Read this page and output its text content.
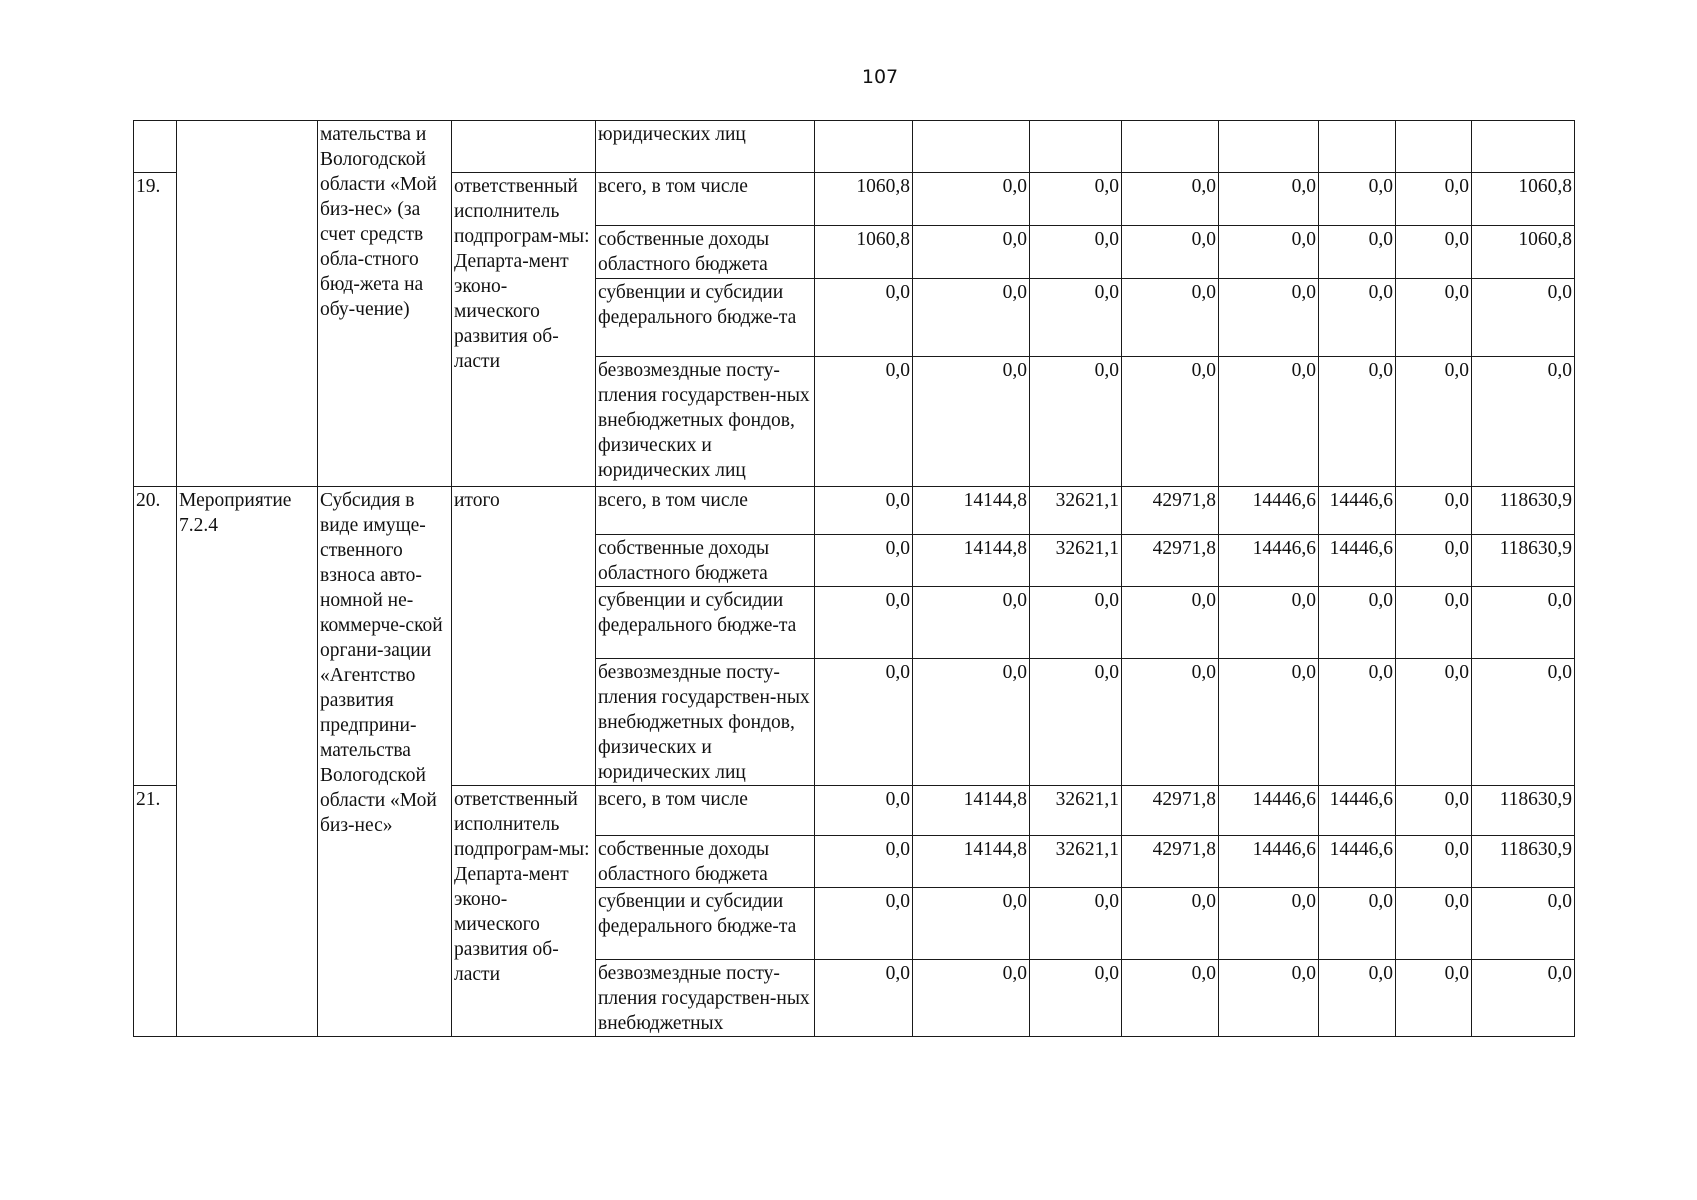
107
		мательства и Вологодской области «Мой биз-нес» (за счет средств обла-стного бюд-жета на обу-чение)		юридических лиц								
19.			ответственный исполнитель подпрограм-мы: Департа-мент эконо-мического развития об-ласти	всего, в том числе	1060,8	0,0	0,0	0,0	0,0	0,0	0,0	1060,8
				собственные доходы областного бюджета	1060,8	0,0	0,0	0,0	0,0	0,0	0,0	1060,8
				субвенции и субсидии федерального бюдже-та	0,0	0,0	0,0	0,0	0,0	0,0	0,0	0,0
				безвозмездные посту-пления государствен-ных внебюджетных фондов, физических и юридических лиц	0,0	0,0	0,0	0,0	0,0	0,0	0,0	0,0
20.	Мероприятие 7.2.4	Субсидия в виде имуще-ственного взноса авто-номной не-коммерче-ской органи-зации «Агентство развития предприни-мательства Вологодской области «Мой биз-нес»	итого	всего, в том числе	0,0	14144,8	32621,1	42971,8	14446,6	14446,6	0,0	118630,9
				собственные доходы областного бюджета	0,0	14144,8	32621,1	42971,8	14446,6	14446,6	0,0	118630,9
				субвенции и субсидии федерального бюдже-та	0,0	0,0	0,0	0,0	0,0	0,0	0,0	0,0
				безвозмездные посту-пления государствен-ных внебюджетных фондов, физических и юридических лиц	0,0	0,0	0,0	0,0	0,0	0,0	0,0	0,0
21.			ответственный исполнитель подпрограм-мы: Департа-мент эконо-мического развития об-ласти	всего, в том числе	0,0	14144,8	32621,1	42971,8	14446,6	14446,6	0,0	118630,9
				собственные доходы областного бюджета	0,0	14144,8	32621,1	42971,8	14446,6	14446,6	0,0	118630,9
				субвенции и субсидии федерального бюдже-та	0,0	0,0	0,0	0,0	0,0	0,0	0,0	0,0
				безвозмездные посту-пления государствен-ных внебюджетных	0,0	0,0	0,0	0,0	0,0	0,0	0,0	0,0
